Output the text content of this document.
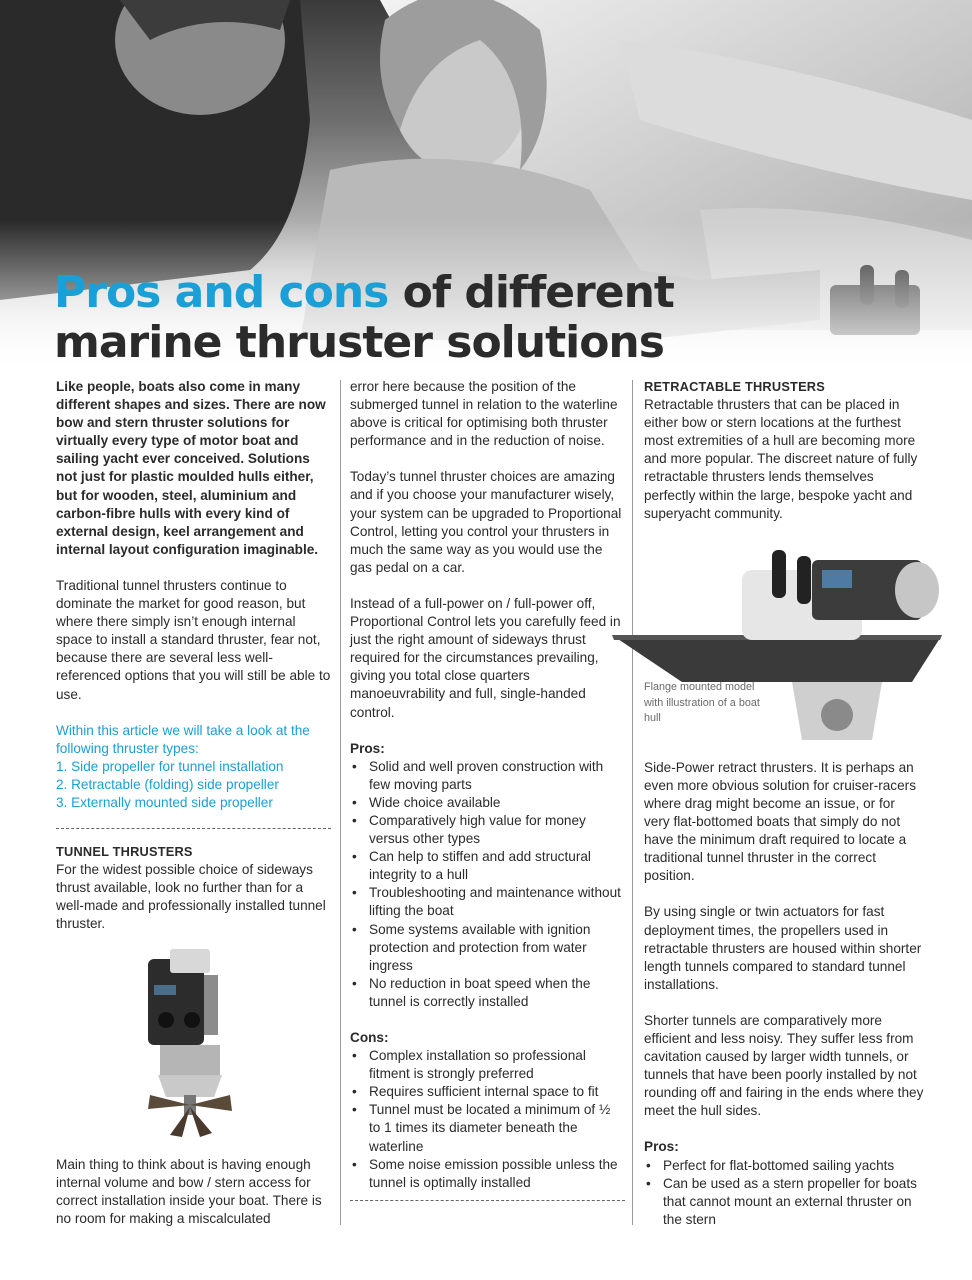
Pros and cons of different
marine thruster solutions

Like people, boats also come in many different shapes and sizes. There are now bow and stern thruster solutions for virtually every type of motor boat and sailing yacht ever conceived. Solutions not just for plastic moulded hulls either, but for wooden, steel, aluminium and carbon-fibre hulls with every kind of external design, keel arrangement and internal layout configuration imaginable.

Traditional tunnel thrusters continue to dominate the market for good reason, but where there simply isn’t enough internal space to install a standard thruster, fear not, because there are several less well-referenced options that you will still be able to use.

Within this article we will take a look at the following thruster types:

1. Side propeller for tunnel installation

2. Retractable (folding) side propeller

3. Externally mounted side propeller

TUNNEL THRUSTERS

For the widest possible choice of sideways thrust available, look no further than for a well-made and professionally installed tunnel thruster.

Main thing to think about is having enough internal volume and bow / stern access for correct installation inside your boat. There is no room for making a miscalculated

error here because the position of the submerged tunnel in relation to the waterline above is critical for optimising both thruster performance and in the reduction of noise.

Today’s tunnel thruster choices are amazing and if you choose your manufacturer wisely, your system can be upgraded to Proportional Control, letting you control your thrusters in much the same way as you would use the gas pedal on a car.

Instead of a full-power on / full-power off, Proportional Control lets you carefully feed in just the right amount of sideways thrust required for the circumstances prevailing, giving you total close quarters manoeuvrability and full, single-handed control.

Pros:

• Solid and well proven construction with few moving parts
• Wide choice available
• Comparatively high value for money versus other types
• Can help to stiffen and add structural integrity to a hull
• Troubleshooting and maintenance without lifting the boat
• Some systems available with ignition protection and protection from water ingress
• No reduction in boat speed when the tunnel is correctly installed

Cons:

• Complex installation so professional fitment is strongly preferred
• Requires sufficient internal space to fit
• Tunnel must be located a minimum of ½ to 1 times its diameter beneath the waterline
• Some noise emission possible unless the tunnel is optimally installed

RETRACTABLE THRUSTERS

Retractable thrusters that can be placed in either bow or stern locations at the furthest most extremities of a hull are becoming more and more popular. The discreet nature of fully retractable thrusters lends themselves perfectly within the large, bespoke yacht and superyacht community.

Side-Power retract thrusters. It is perhaps an even more obvious solution for cruiser-racers where drag might become an issue, or for very flat-bottomed boats that simply do not have the minimum draft required to locate a traditional tunnel thruster in the correct position.

By using single or twin actuators for fast deployment times, the propellers used in retractable thrusters are housed within shorter length tunnels compared to standard tunnel installations.

Shorter tunnels are comparatively more efficient and less noisy. They suffer less from cavitation caused by larger width tunnels, or tunnels that have been poorly installed by not rounding off and fairing in the ends where they meet the hull sides.

Pros:

• Perfect for flat-bottomed sailing yachts
• Can be used as a stern propeller for boats that cannot mount an external thruster on the stern
Flange mounted model with illustration of a boat hull
